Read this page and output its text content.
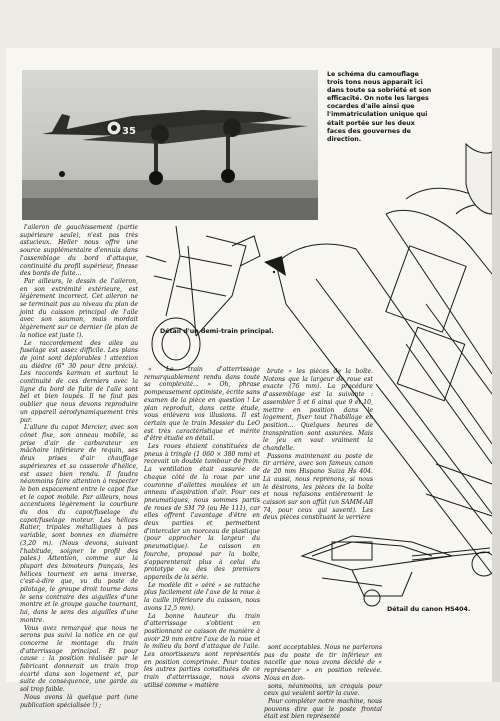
35
Le schéma du camouflage trois tons nous apparaît ici dans toute sa sobriété et son efficacité. On note les larges cocardes d'aile ainsi que l'immatriculation unique qui était portée sur les deux faces des gouvernes de direction.
Détail d'un demi-train principal.
Détail du canon HS404.

l'aileron de gauchissement (partie supérieure seule), n'est pas très astucieux. Heller nous offre une source supplémentaire d'ennuis dans l'assemblage du bord d'attaque, continuité du profil supérieur, finesse des bords de fuite...

Par ailleurs, le dessin de l'aileron, en son extrémité extérieure, est légèrement incorrect. Cet aileron ne se terminait pas au niveau du plan de joint du caisson principal de l'aile avec son saumon, mais mordait légèrement sur ce dernier (le plan de la notice est juste !).

Le raccordement des ailes au fuselage est assez difficile. Les plans de joint sont déplorables ! attention au dièdre (6° 30 pour être précis). Les raccords karman et surtout la continuité de ces derniers avec la ligne du bord de fuite de l'aile sont bel et bien loupés. Il ne faut pas oublier que nous devons reproduire un appareil aérodynamiquement très pur.

L'allure du capot Mercier, avec son cônet fixe, son anneau mobile, sa prise d'air de carburateur en mâchoire inférieure de requin, ses deux prises d'air chauffage supérieures et sa casserole d'hélice, est assez bien rendu. Il faudra néanmoins faire attention à respecter le bon espacement entre le capot fixe et le capot mobile. Par ailleurs, nous accentuons légèrement la courbure du dos du capot/fuselage du capot/fuselage moteur. Les hélices Ratier, tripales métalliques à pas variable, sont bonnes en diamètre (3,20 m). (Nous devons, suivant l'habitude, soigner le profil des pales.) Attention, comme sur la plupart des bimoteurs français, les hélices tournent en sens inverse, c'est-à-dire que, vu du poste de pilotage, le groupe droit tourne dans le sens contraire des aiguilles d'une montre et le groupe gauche tournant, lui, dans le sens des aiguilles d'une montre.

Vous avez remarqué que nous ne serons pas suivi la notice en ce qui concerne le montage du train d'atterrissage principal. Et pour cause : la position réalisée par le fabricant donnerait un train trop écarté dans son logement et, par suite de conséquence, une garde au sol trop faible.

Nous avons là quelque part (une publication spécialisée !) ;

« Le train d'atterrissage remarquablement rendu dans toute sa complexité... » Oh, phrase pompeusement optimiste, écrite sans examen de la pièce en question ! Le plan reproduit, dans cette étude, vous enlèvera vos illusions. Il est certain que le train Messier du LeO est très caractéristique et mérite d'être étudié en détail.

Les roues étaient constituées de pneus à tringle (1 060 × 380 mm) et recevait un double tambour de frein. La ventilation était assurée de chaque côté de la roue par une couronne d'ailettes moulées et un anneau d'aspiration d'air. Pour ces pneumatiques, nous sommes partis de roues de SM 79 (ou He 111), car elles offrent l'avantage d'être en deux parties et permettent d'intercaler un morceau de plastique (pour approcher la largeur du pneumatique). Le caisson en fourche, proposé par la boîte, s'apparenterait plus à celui du prototype ou des des premiers appareils de la série.

Le modèle dit « aéré » se rattache plus facilement (de l'axe de la roue à la cuille inférieure du caisson, nous avons 12,5 mm).

La bonne hauteur du train d'atterrissage s'obtient en positionnant ce caisson de manière à avoir 29 mm entre l'axe de la roue et le milieu du bord d'attaque de l'aile. Les amortisseurs sont représentés en position comprimée. Pour toutes les autres parties constituées de ce train d'atterrissage, nous avons utilisé comme « matière

brute » les pièces de la boîte. Notons que la largeur de roue est exacte (76 mm). La procédure d'assemblage est la suivante : assembler 5 et 6 ainsi que 9 et 10, mettre en position dans le logement, fixer tout l'habillage en position... Quelques heures de transpiration sont assurées. Mais le jeu en vaut vraiment la chandelle.

Passons maintenant au poste de tir arrière, avec son fameux canon de 20 mm Hispano Suiza Hs 404. Là aussi, nous reprenons, si nous le désirons, les pièces de la boîte et nous refaisons entièrement le caisson sur son affût (un SAMM-AB 74, pour ceux qui savent). Les deux pièces constituant la verrière

sont acceptables. Nous ne parlerons pas du poste de tir inférieur en nacelle que nous avons décidé de « représenter » en position relevée. Nous en don-

sons, néanmoins, un croquis pour ceux qui veulent sortir la cuve.

Pour compléter notre machine, nous pouvons dire que le poste frontal était est bien représenté
